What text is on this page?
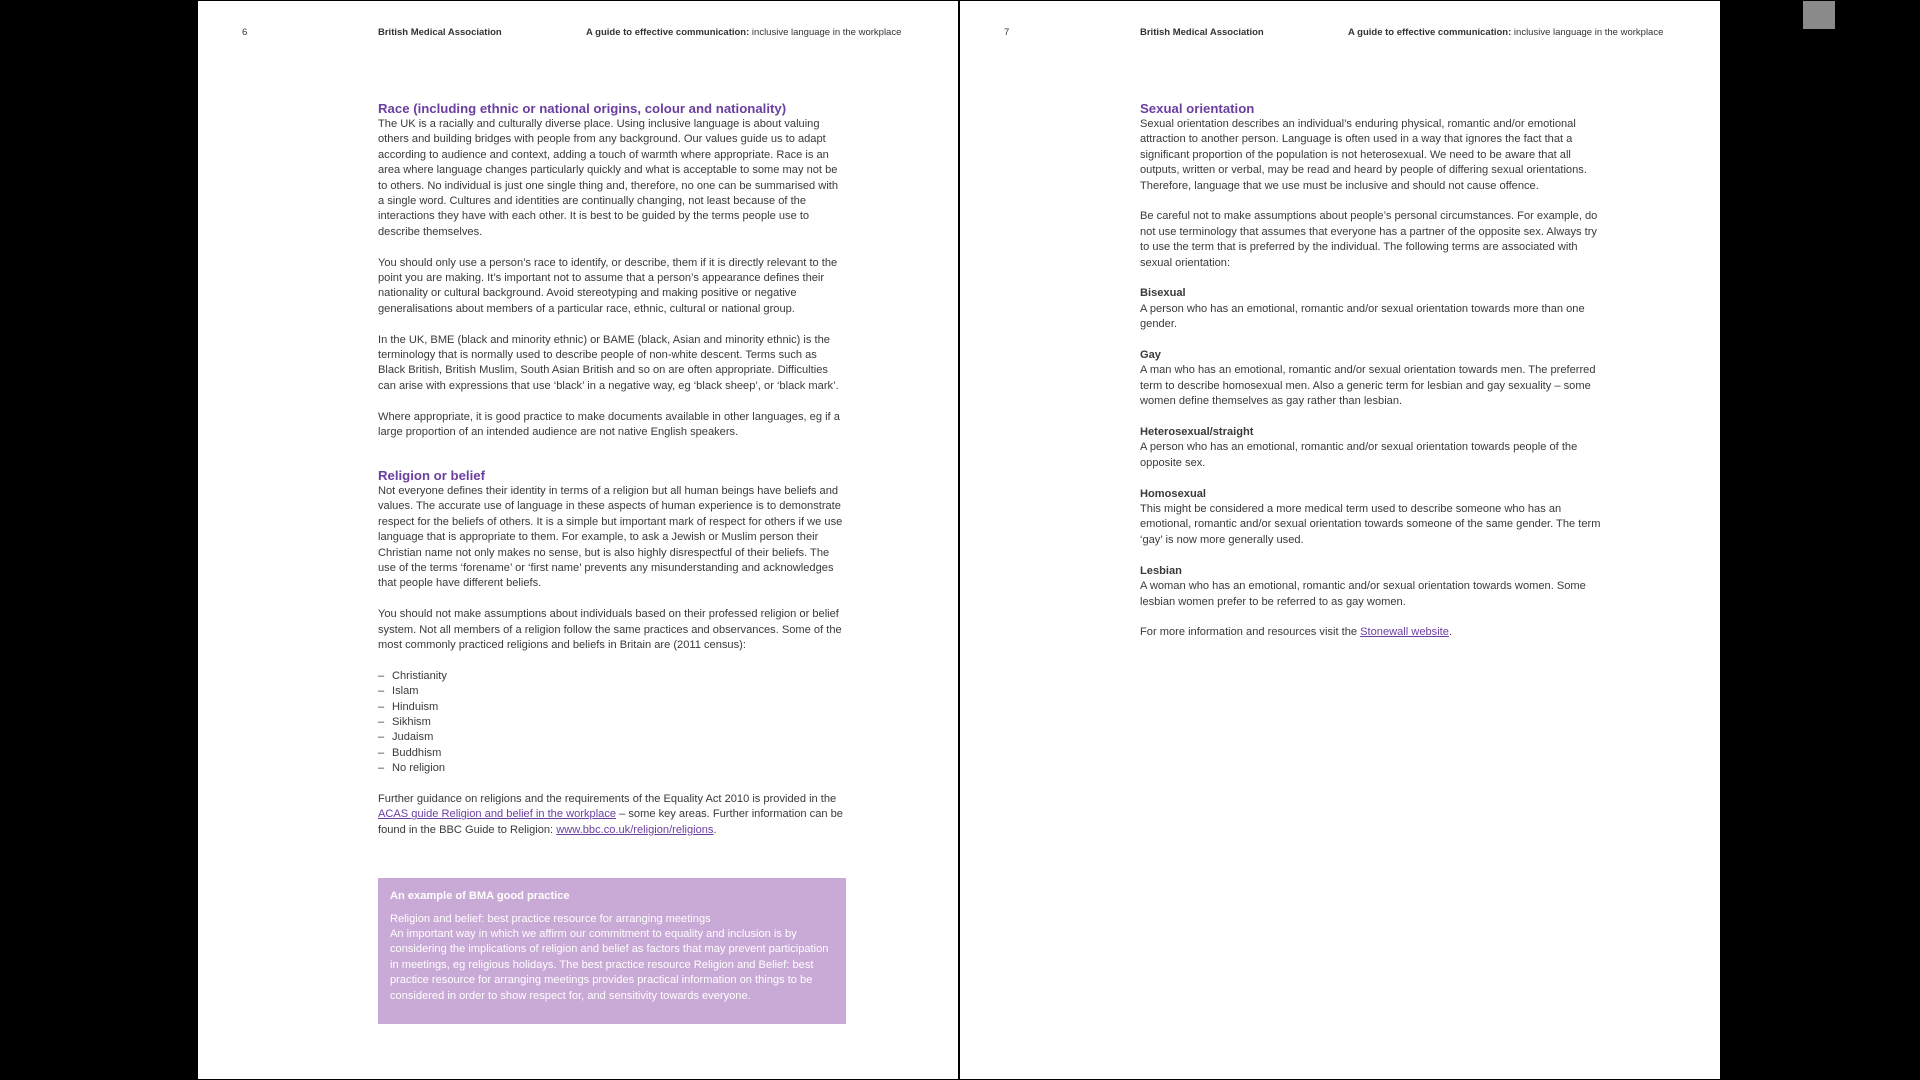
6	British Medical Association	A guide to effective communication: inclusive language in the workplace
Race (including ethnic or national origins, colour and nationality)

The UK is a racially and culturally diverse place. Using inclusive language is about valuing others and building bridges with people from any background. Our values guide us to adapt according to audience and context, adding a touch of warmth where appropriate. Race is an area where language changes particularly quickly and what is acceptable to some may not be to others. No individual is just one single thing and, therefore, no one can be summarised with a single word. Cultures and identities are continually changing, not least because of the interactions they have with each other. It is best to be guided by the terms people use to describe themselves.

You should only use a person’s race to identify, or describe, them if it is directly relevant to the point you are making. It’s important not to assume that a person’s appearance defines their nationality or cultural background. Avoid stereotyping and making positive or negative generalisations about members of a particular race, ethnic, cultural or national group.

In the UK, BME (black and minority ethnic) or BAME (black, Asian and minority ethnic) is the terminology that is normally used to describe people of non-white descent. Terms such as Black British, British Muslim, South Asian British and so on are often appropriate. Difficulties can arise with expressions that use ‘black’ in a negative way, eg ‘black sheep’, or ‘black mark’.

Where appropriate, it is good practice to make documents available in other languages, eg if a large proportion of an intended audience are not native English speakers.

Religion or belief

Not everyone defines their identity in terms of a religion but all human beings have beliefs and values. The accurate use of language in these aspects of human experience is to demonstrate respect for the beliefs of others. It is a simple but important mark of respect for others if we use language that is appropriate to them. For example, to ask a Jewish or Muslim person their Christian name not only makes no sense, but is also highly disrespectful of their beliefs. The use of the terms ‘forename’ or ‘first name’ prevents any misunderstanding and acknowledges that people have different beliefs.

You should not make assumptions about individuals based on their professed religion or belief system. Not all members of a religion follow the same practices and observances. Some of the most commonly practiced religions and beliefs in Britain are (2011 census):

– Christianity
– Islam
– Hinduism
– Sikhism
– Judaism
– Buddhism
– No religion

Further guidance on religions and the requirements of the Equality Act 2010 is provided in the ACAS guide Religion and belief in the workplace – some key areas. Further information can be found in the BBC Guide to Religion: www.bbc.co.uk/religion/religions.

An example of BMA good practice
Religion and belief: best practice resource for arranging meetings
An important way in which we affirm our commitment to equality and inclusion is by considering the implications of religion and belief as factors that may prevent participation in meetings, eg religious holidays. The best practice resource Religion and Belief: best practice resource for arranging meetings provides practical information on things to be considered in order to show respect for, and sensitivity towards everyone.
7	British Medical Association	A guide to effective communication: inclusive language in the workplace
Sexual orientation

Sexual orientation describes an individual’s enduring physical, romantic and/or emotional attraction to another person. Language is often used in a way that ignores the fact that a significant proportion of the population is not heterosexual. We need to be aware that all outputs, written or verbal, may be read and heard by people of differing sexual orientations. Therefore, language that we use must be inclusive and should not cause offence.

Be careful not to make assumptions about people’s personal circumstances. For example, do not use terminology that assumes that everyone has a partner of the opposite sex. Always try to use the term that is preferred by the individual. The following terms are associated with sexual orientation:

Bisexual
A person who has an emotional, romantic and/or sexual orientation towards more than one gender.

Gay
A man who has an emotional, romantic and/or sexual orientation towards men. The preferred term to describe homosexual men. Also a generic term for lesbian and gay sexuality – some women define themselves as gay rather than lesbian.

Heterosexual/straight
A person who has an emotional, romantic and/or sexual orientation towards people of the opposite sex.

Homosexual
This might be considered a more medical term used to describe someone who has an emotional, romantic and/or sexual orientation towards someone of the same gender. The term ‘gay’ is now more generally used.

Lesbian
A woman who has an emotional, romantic and/or sexual orientation towards women. Some lesbian women prefer to be referred to as gay women.

For more information and resources visit the Stonewall website.
